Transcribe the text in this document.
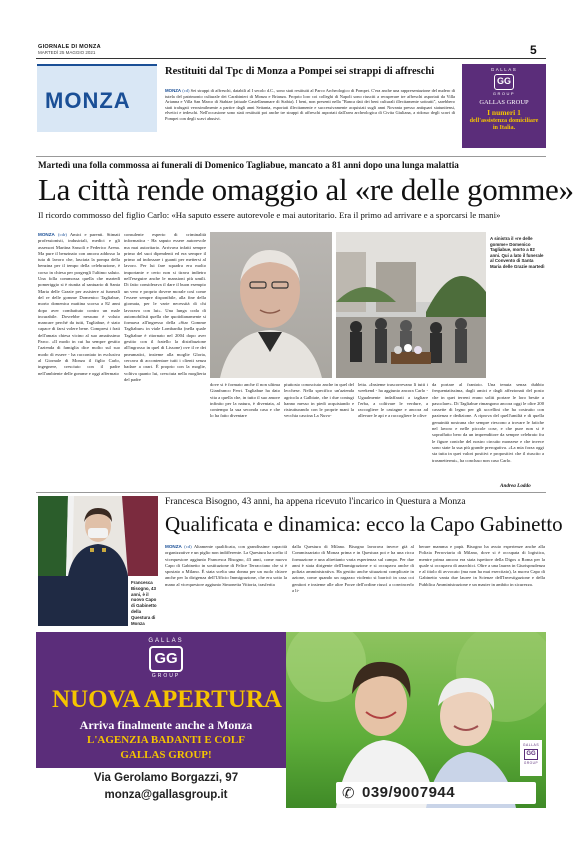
GIORNALE DI MONZA
MARTEDÌ 25 MAGGIO 2021	5
MONZA
Restituiti dal Tpc di Monza a Pompei sei strappi di affreschi
MONZA (cd) Sei strappi di affreschi, databili al I secolo d.C., sono stati restituiti al Parco Archeologico di Pompei. C'era anche una rappresentazione del nudero di tutela del patrimonio culturale dei Carabinieri di Monza e Brianza. Proprio loro coi colleghi di Napoli sono riusciti a recuperare tre affreschi asportati da Villa Arianna e Villa San Marco di Stabiae (attuale Castellammare di Stabia). I beni, non presenti nella "Banca dati dei beni culturali illecitamente sottratti", sarebbero stati trafugati verosimilmente a partire dagli anni Settanta, esportati illecitamente e successivamente acquistati sugli anni Novanta presso antiquari statunitensi, elvetici e tedeschi. Nell'occasione sono stati restituiti poi anche tre strappi di affreschi asportati dall'area archeologica di Civita Giuliana, a ridosso degli scavi di Pompei con degli scavi abusivi.
GALLAS
GG
GROUP
GALLAS GROUP
I numeri 1
dell'assistenza domiciliare
in Italia.
Martedì una folla commossa ai funerali di Domenico Tagliabue, mancato a 81 anni dopo una lunga malattia
La città rende omaggio al «re delle gomme»
Il ricordo commosso del figlio Carlo: «Ha saputo essere autorevole e mai autoritario. Era il primo ad arrivare e a sporcarsi le mani»
MONZA (cdr) Amici e parenti. Stimati professionisti, industriali, medici e gli assessori Martina Sassoli e Federico Arena. Ma pure il benzinaio con ancora addosso la tuta di lavoro che, lasciata la pompa della benzina per il tempo della celebrazione, è corso in chiesa per porgergli l'ultimo saluto. Una folla commossa quella che martedì pomeriggio si è riunita al santuario di Santa Maria delle Grazie per assistere ai funerali del re delle gomme Domenico Tagliabue, morto domenica mattina scorsa a 82 anni dopo aver combattuto contro un male incurabile. Dovrebbe nessuno è voluto mancare perché da tutti, Tagliabue, è stato capace di farsi volere bene. Compresi i frati dell'amata chiesa vicino al suo amatissimo Parco. «Il modo in cui ha sempre gestito l'azienda di famiglia dice molto sul suo modo di essere - ha raccontato in esclusiva al Giornale di Monza il figlio Carlo, ingegnere, cresciuto con il padre nell'ambiente delle gomme e oggi affermato
consulente esperto di criminalità informatica - Ha saputo essere autorevole ma mai autoritario. Arrivava infatti sempre primo del suoi dipendenti ed era sempre il primo ad indossare i guanti per mettersi al lavoro. Per lui fare squadra era molto importante e certo non si tirava indietro nell'eseguire anche le mansioni più umili. Di fatto considerava il dare il buon esempio un vero e proprio dovere morale così come l'essere sempre disponibile, alla fine della giornata, per le varie necessità di chi lavorava con lui». Una lunga coda di automobilisti quella che quotidianamente si formava all'ingresso della «Star Gomme Tagliabue» in viale Lombardia (nella quale Tagliabue è ritornato nel 2004 dopo aver gestito con il fratello la distribuzione all'ingrosso in quel di Lissone) ove il re dei pneumatici, insieme alla moglie Gloria, cercava di accontentare tutti i clienti senza badare a orari. È proprio con la moglie, voltiva quanto lui, cresciuta nella moglieria del padre
A sinistra il «re delle gomme» Domenico Tagliabue, morto a 82 anni. Qui a lato il funerale al Convento di Santa Maria delle Grazie martedì
dove si è formato anche il non ultima Gianfranco Ferri. Tagliabue ha dato vita a quella che, in tutto il suo amore infinito per la natura, è diventata, al contempo la sua seconda casa e che lo ha fatto diventare
piuttosto conosciuto anche in quel del lecchese. Nella specifico un'azienda agricola a Galbiate, che i due coniugi hanno messo in piedi acquistando e ristrutturando con le proprie mani la vecchia cascina La Nuvo-
letta. «Insieme trascorrevano lì tutti i weekend - ha aggiunto ancora Carlo - Ugualmente indaffarati a tagliare l'erba, a coltivare le verdure, a raccogliere le castagne e ancora ad allevare le api e a raccogliere le olive
da portare al frantoio. Una tenuta senza dubbio frequentatissima, dagli amici e dagli affezionati del posto che in quei terreni erano soliti portare le loro bestie a pascolare». Di Tagliabue rimangono ancora oggi le oltre 200 cassette di legno per gli uccellini che ha costruito con pazienza e dedizione. A riprova del quell'umiltà e di quella genuinità nostrana che sempre riescono a trovare le fatiche nel lavoro e nelle piccole cose, e che pure non si è sopraffatto bero da un imprenditore da sempre celebrato fra le figure coniche del nostro circuito monzese e che invece sono state la sua più grande prerogativa. «La mia forza oggi sta tutta in quei valori positivi e propositivi che il riuscito a trasmettermi», ha concluso non caso Carlo.
Andrea Loddo
Francesca Bisogno, 43 anni, è il nuovo Capo di Gabinetto della Questura di Monza
Francesca Bisogno, 43 anni, ha appena ricevuto l'incarico in Questura a Monza
Qualificata e dinamica: ecco la Capo Gabinetto
MONZA (cd) Altamente qualificata, con grandissime capacità organizzative e un piglio non indifferente. La Questura ha scelto il vicequestore aggiunto Francesca Bisogno, 43 anni, come nuovo Capo di Gabinetto in sostituzione di Felice Terracciano che si è spostato a Milano. È stata scelta una donna per un ruolo chiave anche per la dirigenza dell'Ufficio Immigrazione, che era sotto la mano al vicequestore aggiunto Simonetta Vittoria, trasferita
dalla Questura di Milano. Bisogno lavorava invece già al Commissariato di Monza prima e in Questura poi e ha una ricca formazione e una altrettanto varia esperienza sul campo. Per due anni è stata dirigente dell'Immigrazione e si occupava anche di polizia amministrativa. Ha gestito anche situazioni complicate in azione, come quando un ragazzo violento si barricò in casa coi genitori e insieme alle altre Forze dell'ordine riuscì a convincerlo a li-
berare mamma e papà. Bisogno ha avuto esperienze anche alla Polizia Ferroviaria di Milano, dove si è occupata di logistica, mentre prima ancora era stata ispettore della Digos a Roma per la quale si occupava di anarchici. Oltre a una laurea in Giurisprudenza e al titolo di avvocato (ma non ha mai esercitato), la nuova Capo di Gabinetto vanta due lauree in Scienze dell'Investigazione e della Pubblica Amministrazione e un master in ambito in sicurezza.
GALLAS
GG
GROUP
NUOVA APERTURA
Arriva finalmente anche a Monza
L'AGENZIA BADANTI E COLF
GALLAS GROUP!
Via Gerolamo Borgazzi, 97
monza@gallasgroup.it	✆ 039/9007944
GALLAS
GG
GROUP
